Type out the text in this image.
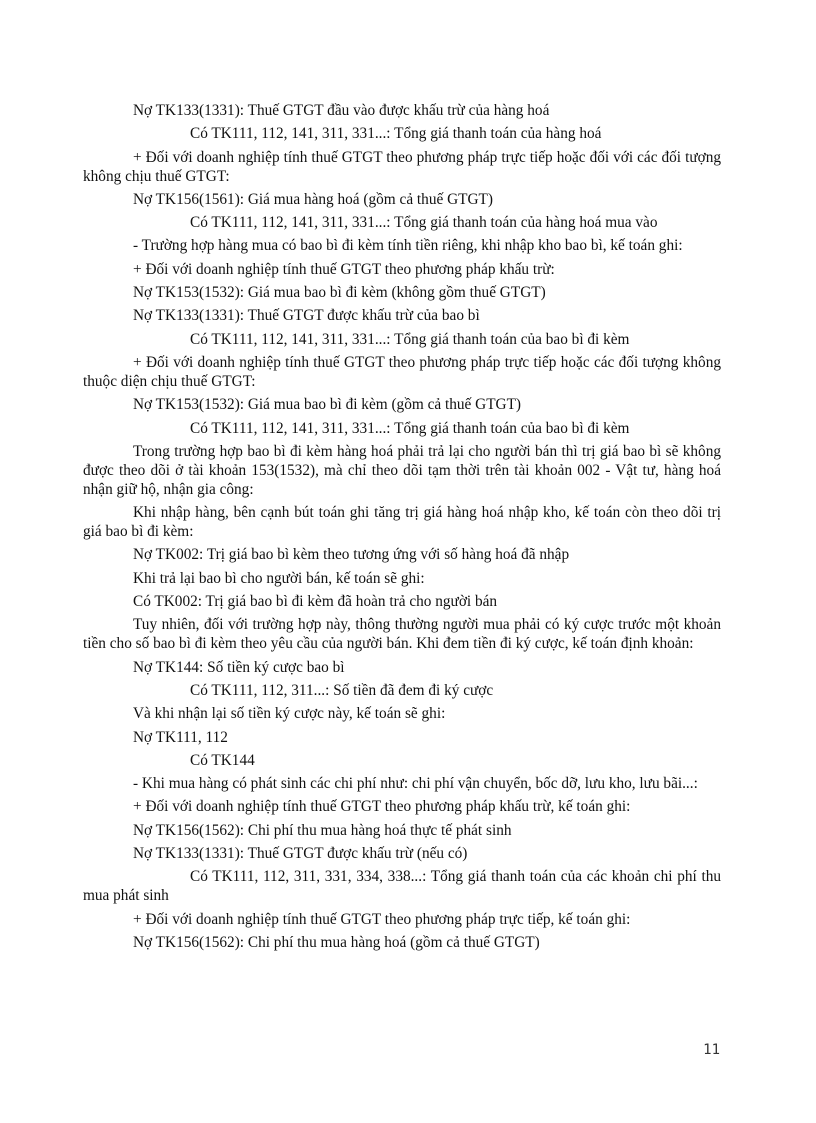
Nợ TK133(1331): Thuế GTGT đầu vào được khấu trừ của hàng hoá

Có TK111, 112, 141, 311, 331...: Tổng giá thanh toán của hàng hoá

+ Đối với doanh nghiệp tính thuế GTGT theo phương pháp trực tiếp hoặc đối với các đối tượng không chịu thuế GTGT:

Nợ TK156(1561): Giá mua hàng hoá (gồm cả thuế GTGT)

Có TK111, 112, 141, 311, 331...: Tổng giá thanh toán của hàng hoá mua vào

- Trường hợp hàng mua có bao bì đi kèm tính tiền riêng, khi nhập kho bao bì, kế toán ghi:

+ Đối với doanh nghiệp tính thuế GTGT theo phương pháp khấu trừ:

Nợ TK153(1532): Giá mua bao bì đi kèm (không gồm thuế GTGT)

Nợ TK133(1331): Thuế GTGT được khấu trừ của bao bì

Có TK111, 112, 141, 311, 331...: Tổng giá thanh toán của bao bì đi kèm

+ Đối với doanh nghiệp tính thuế GTGT theo phương pháp trực tiếp hoặc các đối tượng không thuộc diện chịu thuế GTGT:

Nợ TK153(1532): Giá mua bao bì đi kèm (gồm cả thuế GTGT)

Có TK111, 112, 141, 311, 331...: Tổng giá thanh toán của bao bì đi kèm

Trong trường hợp bao bì đi kèm hàng hoá phải trả lại cho người bán thì trị giá bao bì sẽ không được theo dõi ở tài khoản 153(1532), mà chỉ theo dõi tạm thời trên tài khoản 002 - Vật tư, hàng hoá nhận giữ hộ, nhận gia công:

Khi nhập hàng, bên cạnh bút toán ghi tăng trị giá hàng hoá nhập kho, kế toán còn theo dõi trị giá bao bì đi kèm:

Nợ TK002: Trị giá bao bì kèm theo tương ứng với số hàng hoá đã nhập

Khi trả lại bao bì cho người bán, kế toán sẽ ghi:

Có TK002: Trị giá bao bì đi kèm đã hoàn trả cho người bán

Tuy nhiên, đối với trường hợp này, thông thường người mua phải có ký cược trước một khoản tiền cho số bao bì đi kèm theo yêu cầu của người bán. Khi đem tiền đi ký cược, kế toán định khoản:

Nợ TK144: Số tiền ký cược bao bì

Có TK111, 112, 311...: Số tiền đã đem đi ký cược

Và khi nhận lại số tiền ký cược này, kế toán sẽ ghi:

Nợ TK111, 112

Có TK144

- Khi mua hàng có phát sinh các chi phí như: chi phí vận chuyển, bốc dỡ, lưu kho, lưu bãi...:

+ Đối với doanh nghiệp tính thuế GTGT theo phương pháp khấu trừ, kế toán ghi:

Nợ TK156(1562): Chi phí thu mua hàng hoá thực tế phát sinh

Nợ TK133(1331): Thuế GTGT được khấu trừ (nếu có)

Có TK111, 112, 311, 331, 334, 338...: Tổng giá thanh toán của các khoản chi phí thu mua phát sinh

+ Đối với doanh nghiệp tính thuế GTGT theo phương pháp trực tiếp, kế toán ghi:

Nợ TK156(1562): Chi phí thu mua hàng hoá (gồm cả thuế GTGT)

11
